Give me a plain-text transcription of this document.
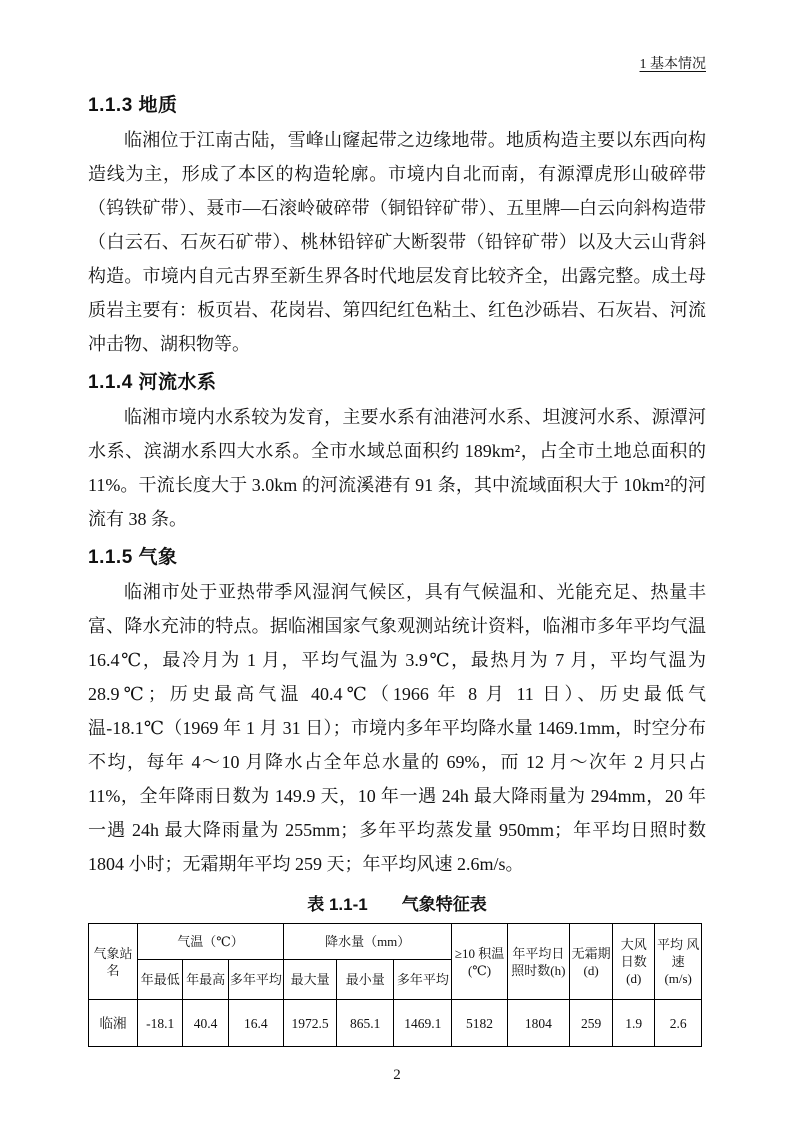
1 基本情况
1.1.3 地质

临湘位于江南古陆，雪峰山窿起带之边缘地带。地质构造主要以东西向构造线为主，形成了本区的构造轮廓。市境内自北而南，有源潭虎形山破碎带（钨铁矿带）、聂市—石滚岭破碎带（铜铅锌矿带）、五里牌—白云向斜构造带（白云石、石灰石矿带）、桃林铅锌矿大断裂带（铅锌矿带）以及大云山背斜构造。市境内自元古界至新生界各时代地层发育比较齐全，出露完整。成土母质岩主要有：板页岩、花岗岩、第四纪红色粘土、红色沙砾岩、石灰岩、河流冲击物、湖积物等。

1.1.4 河流水系

临湘市境内水系较为发育，主要水系有油港河水系、坦渡河水系、源潭河水系、滨湖水系四大水系。全市水域总面积约 189km²，占全市土地总面积的 11%。干流长度大于 3.0km 的河流溪港有 91 条，其中流域面积大于 10km²的河流有 38 条。

1.1.5 气象

临湘市处于亚热带季风湿润气候区，具有气候温和、光能充足、热量丰富、降水充沛的特点。据临湘国家气象观测站统计资料，临湘市多年平均气温 16.4℃，最冷月为 1 月，平均气温为 3.9℃，最热月为 7 月，平均气温为 28.9℃；历史最高气温 40.4℃（1966 年 8 月 11 日）、历史最低气温-18.1℃（1969 年 1 月 31 日）；市境内多年平均降水量 1469.1mm，时空分布不均，每年 4～10 月降水占全年总水量的 69%，而 12 月～次年 2 月只占 11%，全年降雨日数为 149.9 天，10 年一遇 24h 最大降雨量为 294mm，20 年一遇 24h 最大降雨量为 255mm；多年平均蒸发量 950mm；年平均日照时数 1804 小时；无霜期年平均 259 天；年平均风速 2.6m/s。

表 1.1-1　　气象特征表
气象站名	气温（℃）			降水量（mm）			≥10 积温 (℃)	年平均日照时数(h)	无霜期 (d)	大风 日数 (d)	平均 风速 (m/s)
	年最低	年最高	多年平均	最大量	最小量	多年平均					
临湘	-18.1	40.4	16.4	1972.5	865.1	1469.1	5182	1804	259	1.9	2.6
2
